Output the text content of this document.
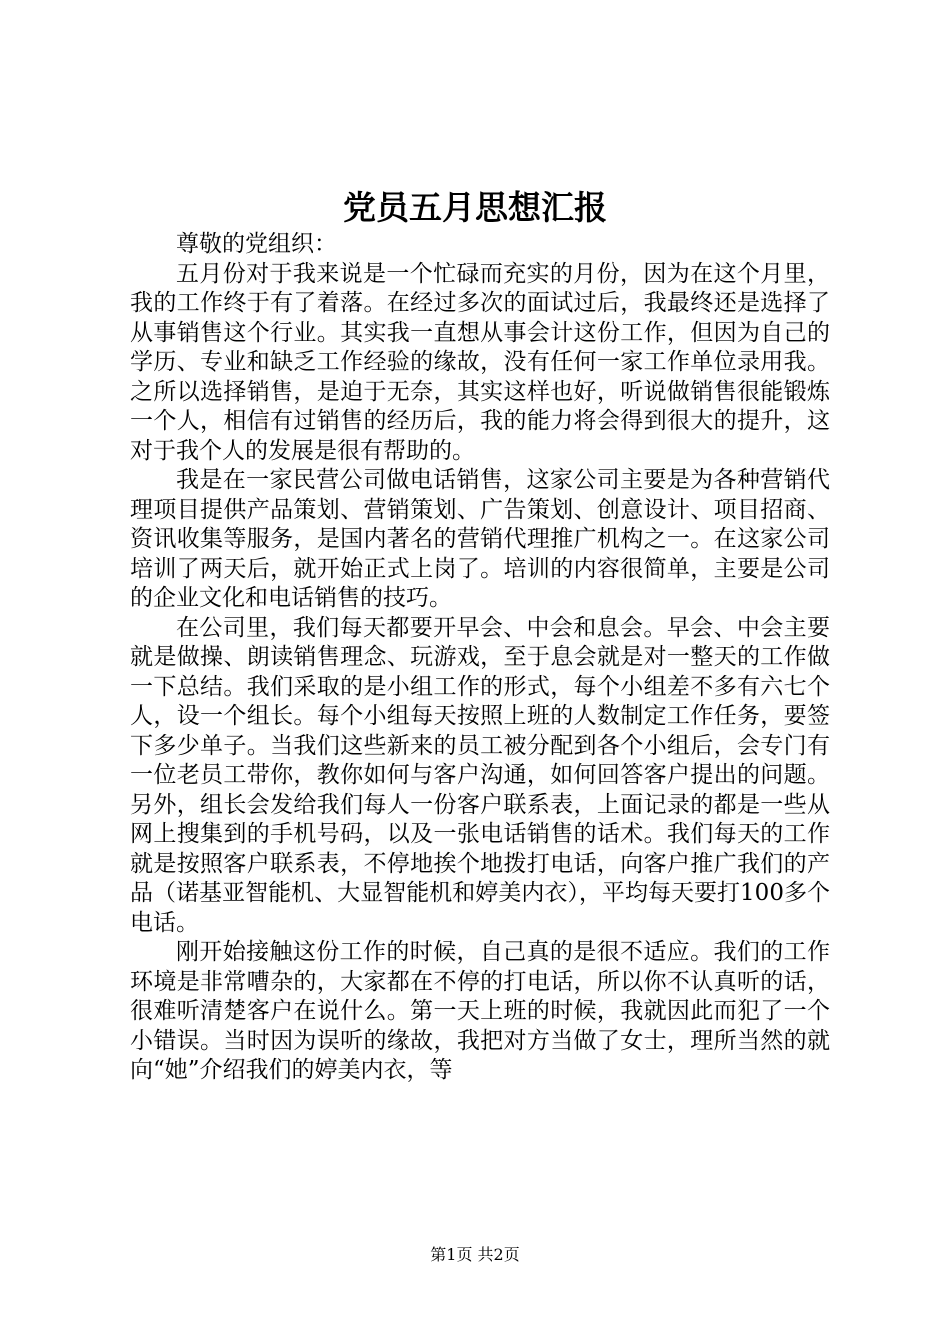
党员五月思想汇报

尊敬的党组织：

五月份对于我来说是一个忙碌而充实的月份，因为在这个月里，我的工作终于有了着落。在经过多次的面试过后，我最终还是选择了从事销售这个行业。其实我一直想从事会计这份工作，但因为自己的学历、专业和缺乏工作经验的缘故，没有任何一家工作单位录用我。之所以选择销售，是迫于无奈，其实这样也好，听说做销售很能锻炼一个人，相信有过销售的经历后，我的能力将会得到很大的提升，这对于我个人的发展是很有帮助的。

我是在一家民营公司做电话销售，这家公司主要是为各种营销代理项目提供产品策划、营销策划、广告策划、创意设计、项目招商、资讯收集等服务，是国内著名的营销代理推广机构之一。在这家公司培训了两天后，就开始正式上岗了。培训的内容很简单，主要是公司的企业文化和电话销售的技巧。

在公司里，我们每天都要开早会、中会和息会。早会、中会主要就是做操、朗读销售理念、玩游戏，至于息会就是对一整天的工作做一下总结。我们采取的是小组工作的形式，每个小组差不多有六七个人，设一个组长。每个小组每天按照上班的人数制定工作任务，要签下多少单子。当我们这些新来的员工被分配到各个小组后，会专门有一位老员工带你，教你如何与客户沟通，如何回答客户提出的问题。另外，组长会发给我们每人一份客户联系表，上面记录的都是一些从网上搜集到的手机号码，以及一张电话销售的话术。我们每天的工作就是按照客户联系表，不停地挨个地拨打电话，向客户推广我们的产品（诺基亚智能机、大显智能机和婷美内衣），平均每天要打100多个电话。

刚开始接触这份工作的时候，自己真的是很不适应。我们的工作环境是非常嘈杂的，大家都在不停的打电话，所以你不认真听的话，很难听清楚客户在说什么。第一天上班的时候，我就因此而犯了一个小错误。当时因为误听的缘故，我把对方当做了女士，理所当然的就向“她”介绍我们的婷美内衣，等

第1页 共2页
